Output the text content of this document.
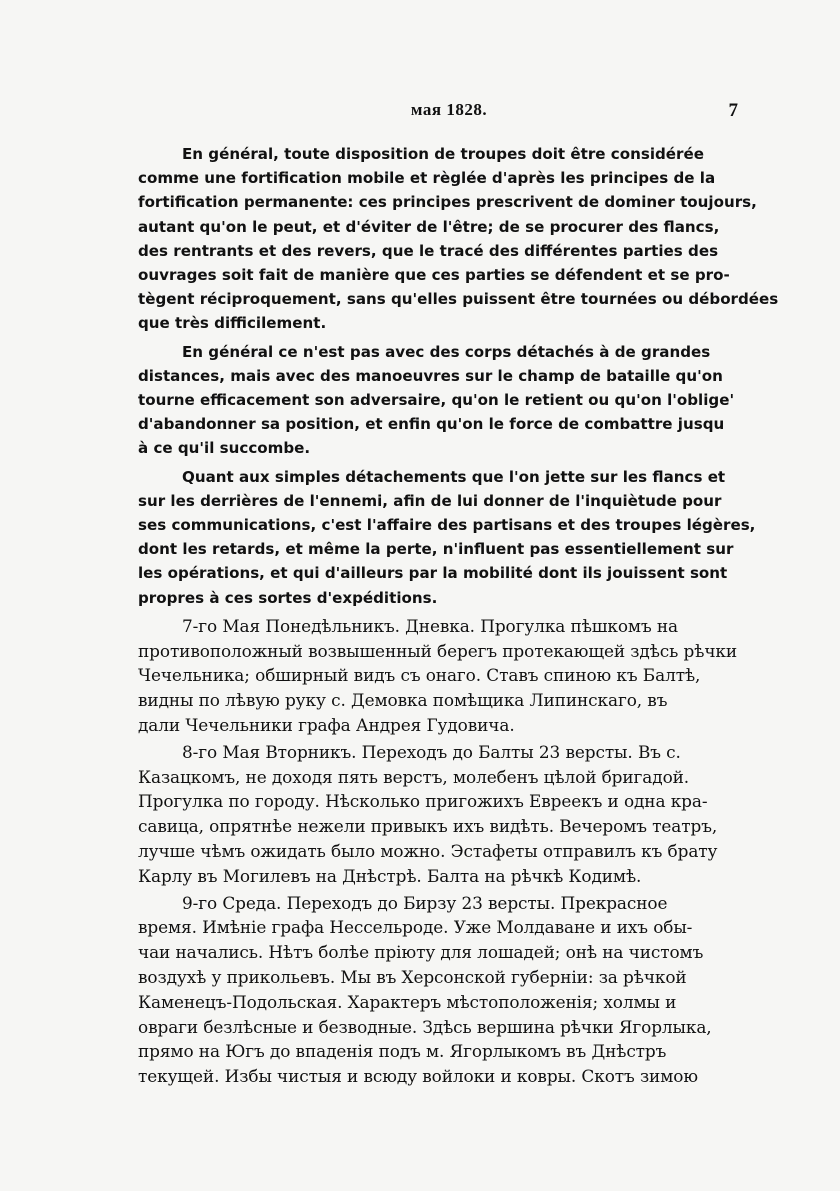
мая 1828.	7

En général, toute disposition de troupes doit être considérée
comme une fortification mobile et règlée d'après les principes de la
fortification permanente: ces principes prescrivent de dominer toujours,
autant qu'on le peut, et d'éviter de l'être; de se procurer des flancs,
des rentrants et des revers, que le tracé des différentes parties des
ouvrages soit fait de manière que ces parties se défendent et se pro-
tègent réciproquement, sans qu'elles puissent être tournées ou débordées
que très difficilement.

En général ce n'est pas avec des corps détachés à de grandes
distances, mais avec des manoeuvres sur le champ de bataille qu'on
tourne efficacement son adversaire, qu'on le retient ou qu'on l'oblige'
d'abandonner sa position, et enfin qu'on le force de combattre jusqu
à ce qu'il succombe.

Quant aux simples détachements que l'on jette sur les flancs et
sur les derrières de l'ennemi, afin de lui donner de l'inquiètude pour
ses communications, c'est l'affaire des partisans et des troupes légères,
dont les retards, et même la perte, n'influent pas essentiellement sur
les opérations, et qui d'ailleurs par la mobilité dont ils jouissent sont
propres à ces sortes d'expéditions.

7-го Мая Понедѣльникъ. Дневка. Прогулка пѣшкомъ на
противоположный возвышенный берегъ протекающей здѣсь рѣчки
Чечельника; обширный видъ съ онаго. Ставъ спиною къ Балтѣ,
видны по лѣвую руку с. Демовка помѣщика Липинскаго, въ
дали Чечельники графа Андрея Гудовича.

8-го Мая Вторникъ. Переходъ до Балты 23 версты. Въ с.
Казацкомъ, не доходя пять верстъ, молебенъ цѣлой бригадой.
Прогулка по городу. Нѣсколько пригожихъ Евреекъ и одна кра-
савица, опрятнѣе нежели привыкъ ихъ видѣть. Вечеромъ театръ,
лучше чѣмъ ожидать было можно. Эстафеты отправилъ къ брату
Карлу въ Могилевъ на Днѣстрѣ. Балта на рѣчкѣ Кодимѣ.

9-го Среда. Переходъ до Бирзу 23 версты. Прекрасное
время. Имѣніе графа Нессельроде. Уже Молдаване и ихъ обы-
чаи начались. Нѣтъ болѣе пріюту для лошадей; онѣ на чистомъ
воздухѣ у прикольевъ. Мы въ Херсонской губерніи: за рѣчкой
Каменецъ-Подольская. Характеръ мѣстоположенія; холмы и
овраги безлѣсные и безводные. Здѣсь вершина рѣчки Ягорлыка,
прямо на Югъ до впаденія подъ м. Ягорлыкомъ въ Днѣстръ
текущей. Избы чистыя и всюду войлоки и ковры. Скотъ зимою
